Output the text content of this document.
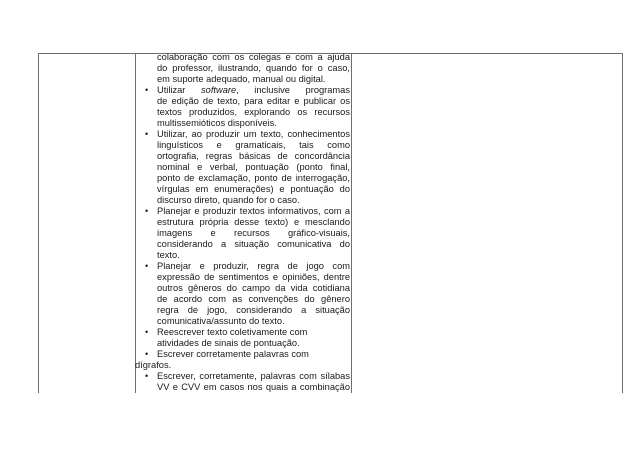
colaboração com os colegas e com a ajuda
do professor, ilustrando, quando for o caso,
em suporte adequado, manual ou digital.
• Utilizar software, inclusive programas
de edição de texto, para editar e publicar os
textos produzidos, explorando os recursos
multissemióticos disponíveis.
• Utilizar, ao produzir um texto, conhecimentos
linguísticos e gramaticais, tais como
ortografia, regras básicas de concordância
nominal e verbal, pontuação (ponto final,
ponto de exclamação, ponto de interrogação,
vírgulas em enumerações) e pontuação do
discurso direto, quando for o caso.
• Planejar e produzir textos informativos, com a
estrutura própria desse texto) e mesclando
imagens e recursos gráfico-visuais,
considerando a situação comunicativa do
texto.
• Planejar e produzir, regra de jogo com
expressão de sentimentos e opiniões, dentre
outros gêneros do campo da vida cotidiana
de acordo com as convenções do gênero
regra de jogo, considerando a situação
comunicativa/assunto do texto.
• Reescrever texto coletivamente com
atividades de sinais de pontuação.
• Escrever corretamente palavras com
dígrafos.
• Escrever, corretamente, palavras com sílabas
VV e CVV em casos nos quais a combinação
